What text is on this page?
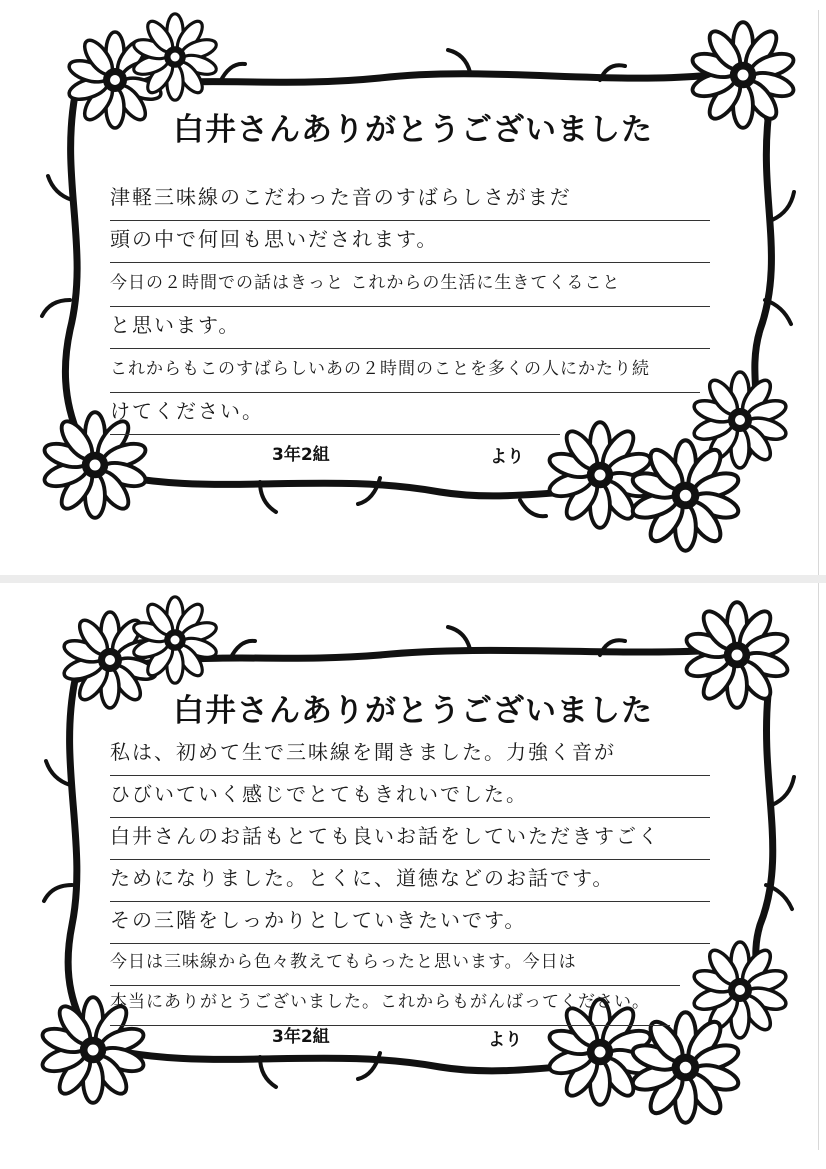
白井さんありがとうございました
津軽三味線のこだわった音のすばらしさがまだ
頭の中で何回も思いだされます。
今日の２時間での話はきっと これからの生活に生きてくること
と思います。
これからもこのすばらしいあの２時間のことを多くの人にかたり続
けてください。
3年2組	より
白井さんありがとうございました
私は、初めて生で三味線を聞きました。力強く音が
ひびいていく感じでとてもきれいでした。
白井さんのお話もとても良いお話をしていただきすごく
ためになりました。とくに、道徳などのお話です。
その三階をしっかりとしていきたいです。
今日は三味線から色々教えてもらったと思います。今日は
本当にありがとうございました。これからもがんばってください。
3年2組	より
